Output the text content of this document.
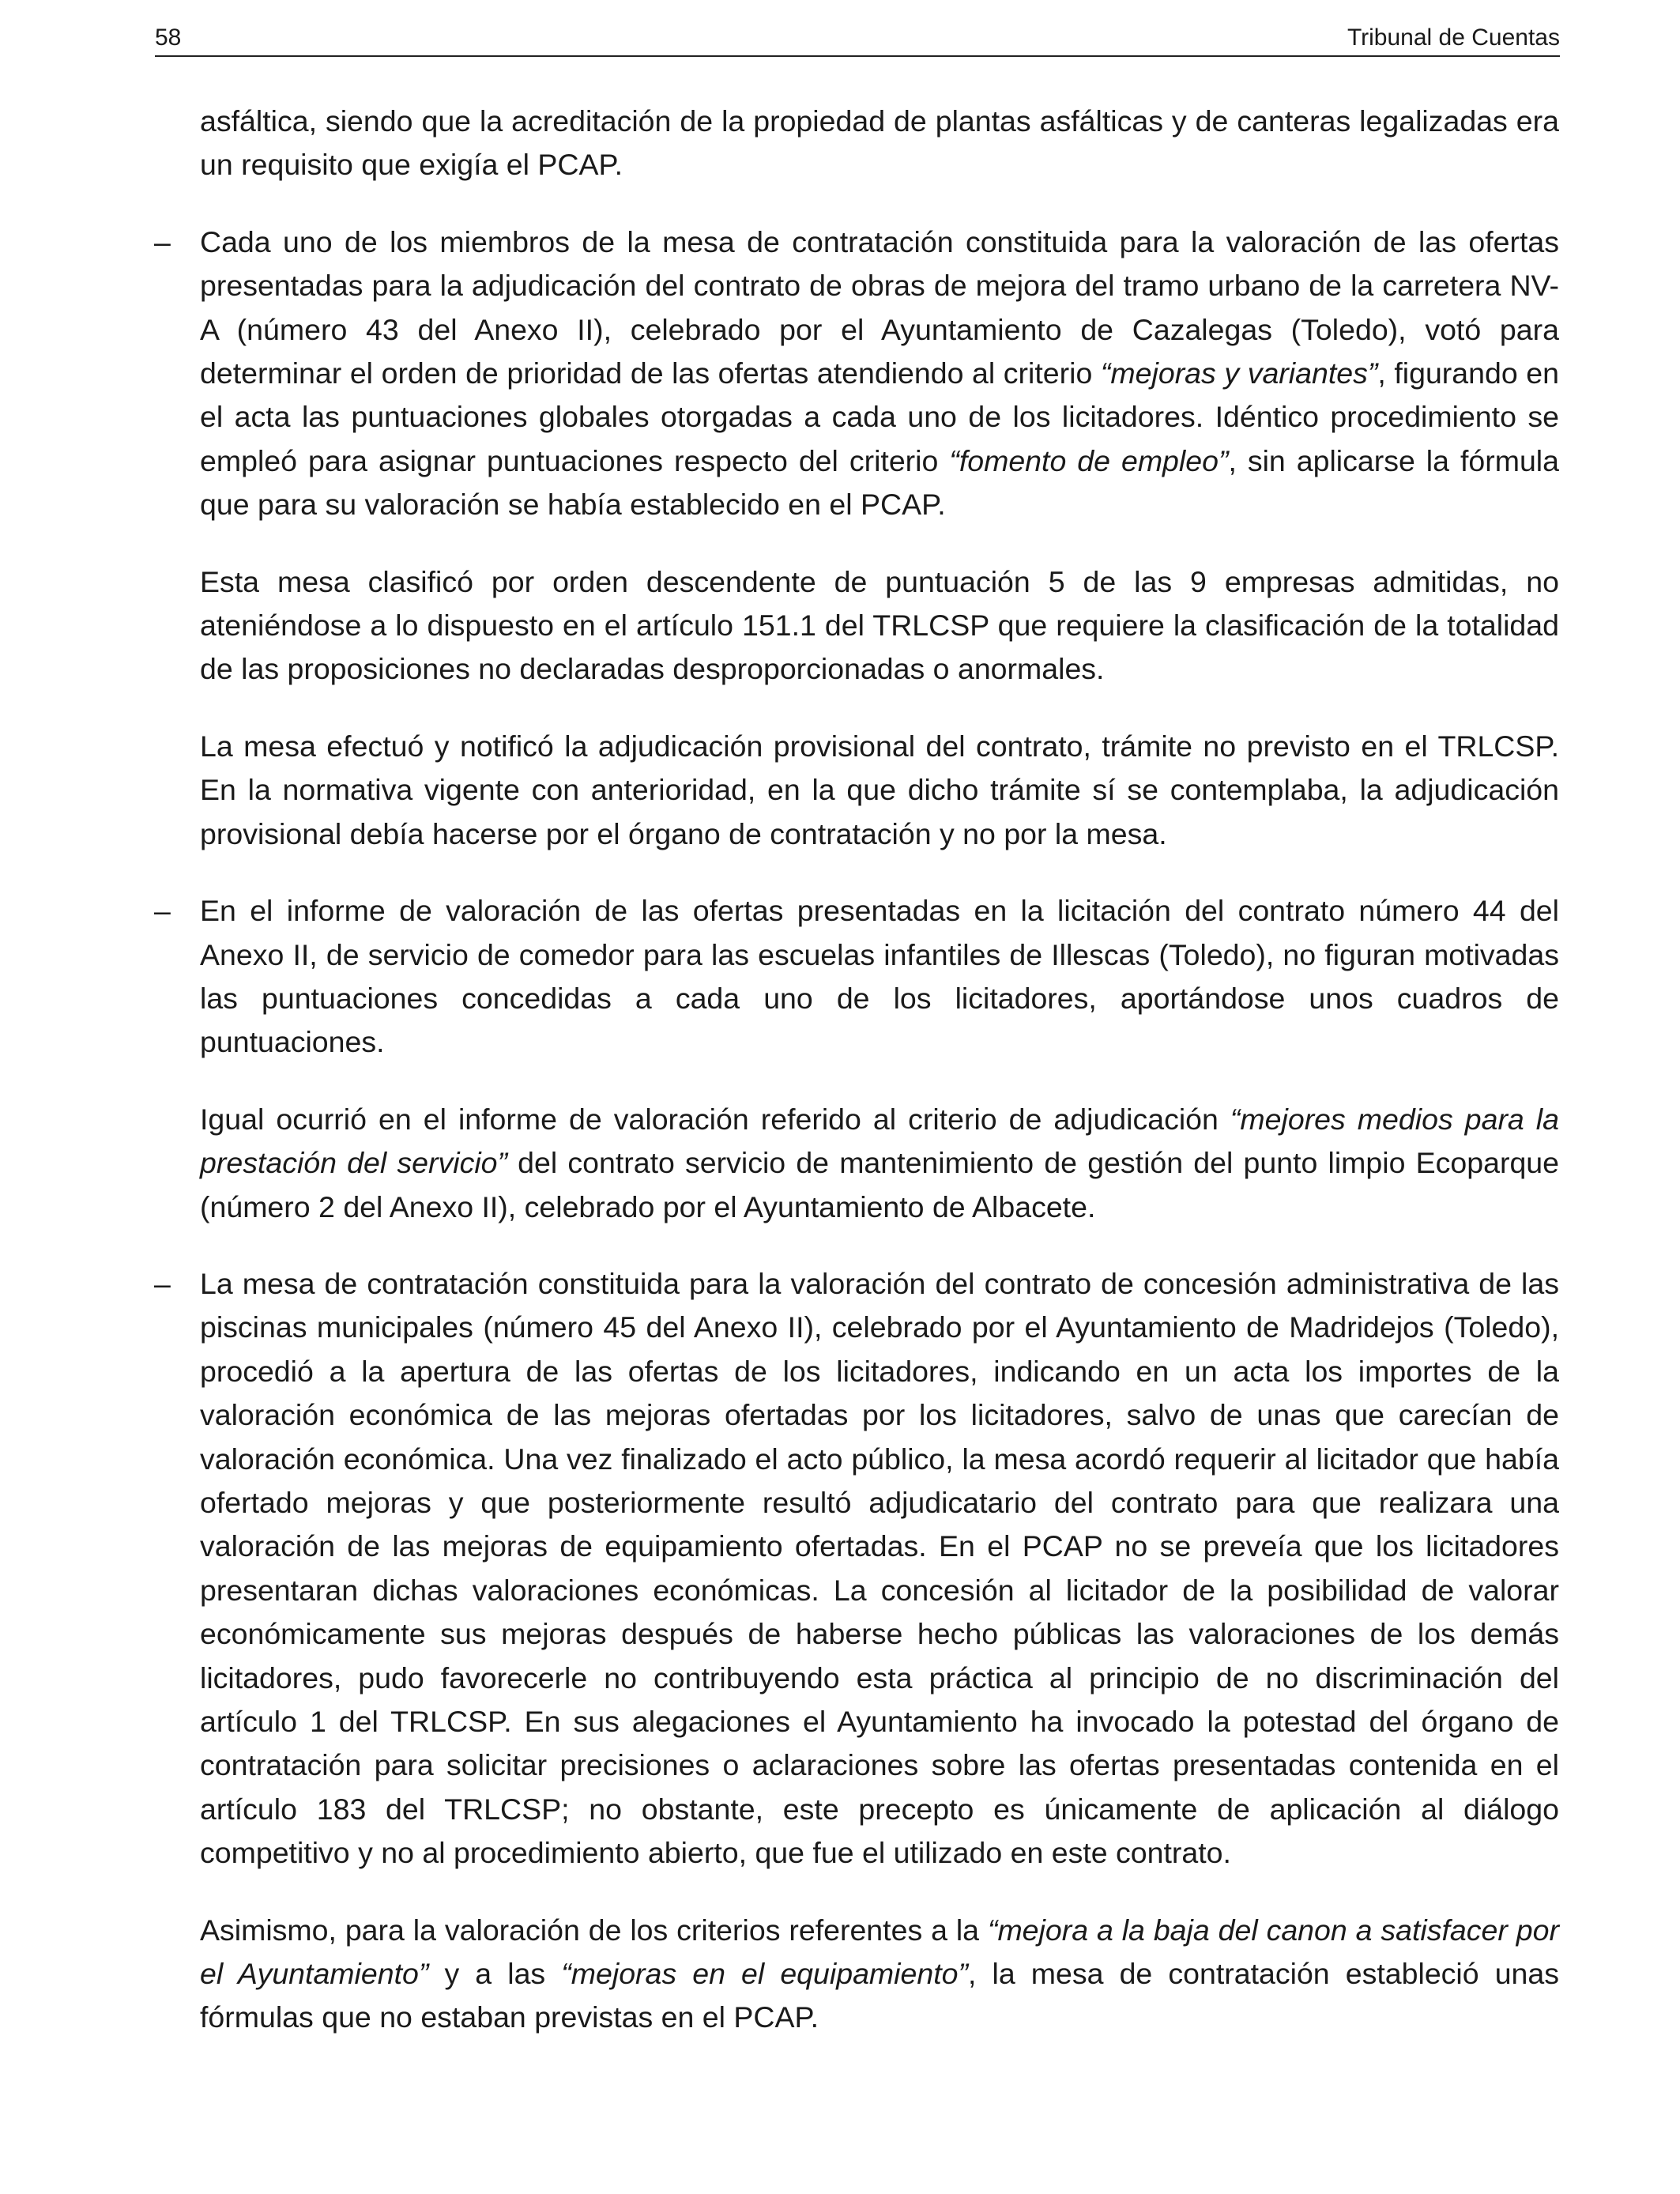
58	Tribunal de Cuentas

asfáltica, siendo que la acreditación de la propiedad de plantas asfálticas y de canteras legalizadas era un requisito que exigía el PCAP.

– Cada uno de los miembros de la mesa de contratación constituida para la valoración de las ofertas presentadas para la adjudicación del contrato de obras de mejora del tramo urbano de la carretera NV-A (número 43 del Anexo II), celebrado por el Ayuntamiento de Cazalegas (Toledo), votó para determinar el orden de prioridad de las ofertas atendiendo al criterio “mejoras y variantes”, figurando en el acta las puntuaciones globales otorgadas a cada uno de los licitadores. Idéntico procedimiento se empleó para asignar puntuaciones respecto del criterio “fomento de empleo”, sin aplicarse la fórmula que para su valoración se había establecido en el PCAP.

Esta mesa clasificó por orden descendente de puntuación 5 de las 9 empresas admitidas, no ateniéndose a lo dispuesto en el artículo 151.1 del TRLCSP que requiere la clasificación de la totalidad de las proposiciones no declaradas desproporcionadas o anormales.

La mesa efectuó y notificó la adjudicación provisional del contrato, trámite no previsto en el TRLCSP. En la normativa vigente con anterioridad, en la que dicho trámite sí se contemplaba, la adjudicación provisional debía hacerse por el órgano de contratación y no por la mesa.

– En el informe de valoración de las ofertas presentadas en la licitación del contrato número 44 del Anexo II, de servicio de comedor para las escuelas infantiles de Illescas (Toledo), no figuran motivadas las puntuaciones concedidas a cada uno de los licitadores, aportándose unos cuadros de puntuaciones.

Igual ocurrió en el informe de valoración referido al criterio de adjudicación “mejores medios para la prestación del servicio” del contrato servicio de mantenimiento de gestión del punto limpio Ecoparque (número 2 del Anexo II), celebrado por el Ayuntamiento de Albacete.

– La mesa de contratación constituida para la valoración del contrato de concesión administrativa de las piscinas municipales (número 45 del Anexo II), celebrado por el Ayuntamiento de Madridejos (Toledo), procedió a la apertura de las ofertas de los licitadores, indicando en un acta los importes de la valoración económica de las mejoras ofertadas por los licitadores, salvo de unas que carecían de valoración económica. Una vez finalizado el acto público, la mesa acordó requerir al licitador que había ofertado mejoras y que posteriormente resultó adjudicatario del contrato para que realizara una valoración de las mejoras de equipamiento ofertadas. En el PCAP no se preveía que los licitadores presentaran dichas valoraciones económicas. La concesión al licitador de la posibilidad de valorar económicamente sus mejoras después de haberse hecho públicas las valoraciones de los demás licitadores, pudo favorecerle no contribuyendo esta práctica al principio de no discriminación del artículo 1 del TRLCSP. En sus alegaciones el Ayuntamiento ha invocado la potestad del órgano de contratación para solicitar precisiones o aclaraciones sobre las ofertas presentadas contenida en el artículo 183 del TRLCSP; no obstante, este precepto es únicamente de aplicación al diálogo competitivo y no al procedimiento abierto, que fue el utilizado en este contrato.

Asimismo, para la valoración de los criterios referentes a la “mejora a la baja del canon a satisfacer por el Ayuntamiento” y a las “mejoras en el equipamiento”, la mesa de contratación estableció unas fórmulas que no estaban previstas en el PCAP.
